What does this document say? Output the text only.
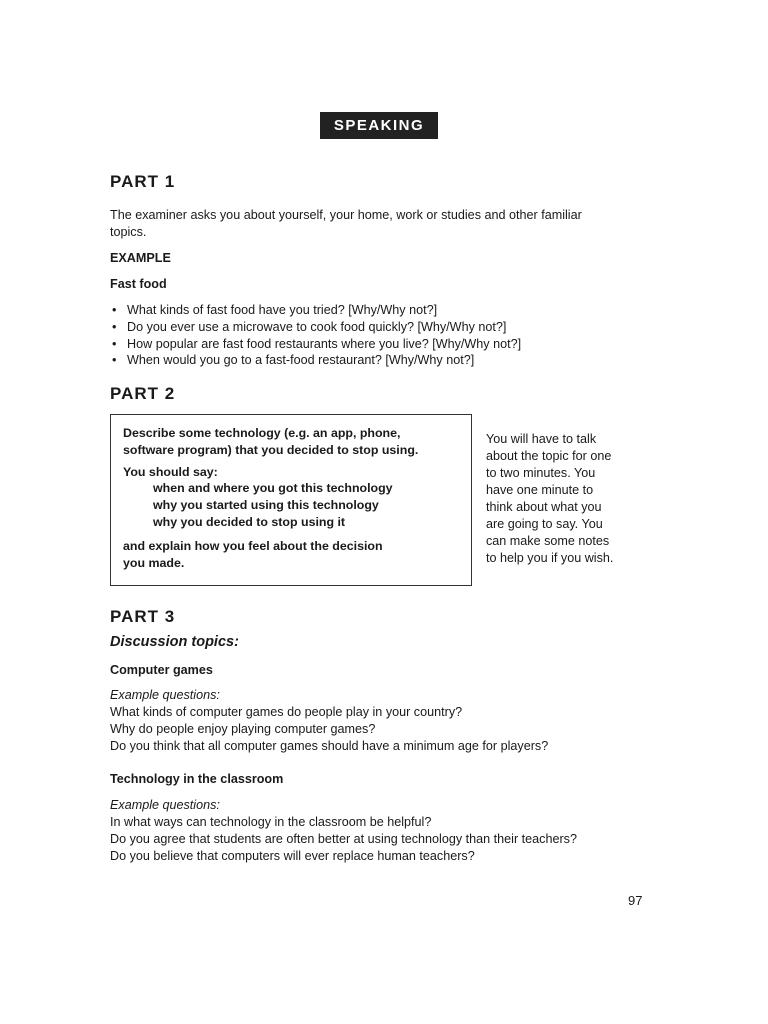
SPEAKING
PART 1
The examiner asks you about yourself, your home, work or studies and other familiar topics.
EXAMPLE
Fast food
• What kinds of fast food have you tried? [Why/Why not?]
• Do you ever use a microwave to cook food quickly? [Why/Why not?]
• How popular are fast food restaurants where you live? [Why/Why not?]
• When would you go to a fast-food restaurant? [Why/Why not?]
PART 2
Describe some technology (e.g. an app, phone,
software program) that you decided to stop using.
You should say:
when and where you got this technology
why you started using this technology
why you decided to stop using it
and explain how you feel about the decision
you made.
You will have to talk
about the topic for one
to two minutes. You
have one minute to
think about what you
are going to say. You
can make some notes
to help you if you wish.
PART 3
Discussion topics:
Computer games
Example questions:
What kinds of computer games do people play in your country?
Why do people enjoy playing computer games?
Do you think that all computer games should have a minimum age for players?
Technology in the classroom
Example questions:
In what ways can technology in the classroom be helpful?
Do you agree that students are often better at using technology than their teachers?
Do you believe that computers will ever replace human teachers?
97
